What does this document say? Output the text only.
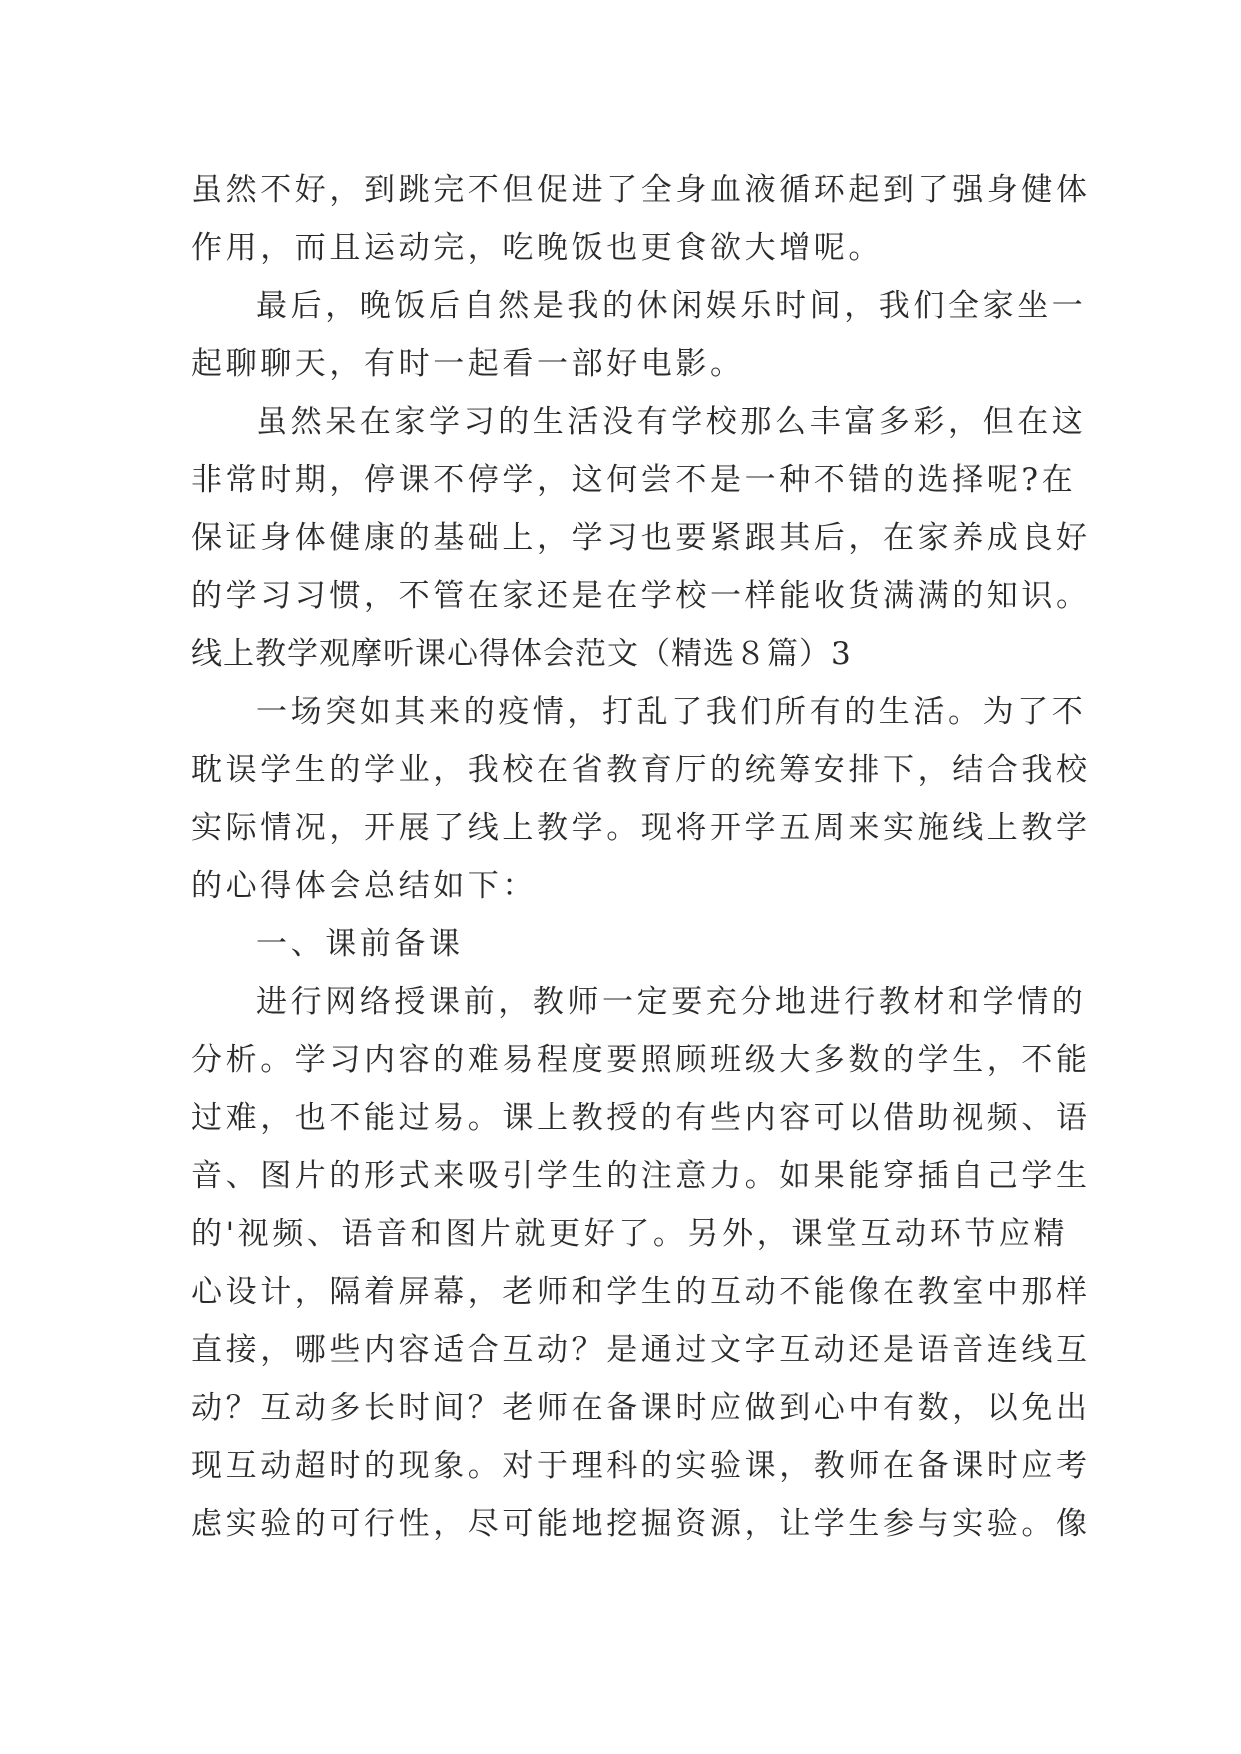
虽然不好，到跳完不但促进了全身血液循环起到了强身健体
作用，而且运动完，吃晚饭也更食欲大增呢。
最后，晚饭后自然是我的休闲娱乐时间，我们全家坐一
起聊聊天，有时一起看一部好电影。
虽然呆在家学习的生活没有学校那么丰富多彩，但在这
非常时期，停课不停学，这何尝不是一种不错的选择呢?在
保证身体健康的基础上，学习也要紧跟其后，在家养成良好
的学习习惯，不管在家还是在学校一样能收货满满的知识。
线上教学观摩听课心得体会范文（精选８篇）3
一场突如其来的疫情，打乱了我们所有的生活。为了不
耽误学生的学业，我校在省教育厅的统筹安排下，结合我校
实际情况，开展了线上教学。现将开学五周来实施线上教学
的心得体会总结如下：
一、课前备课
进行网络授课前，教师一定要充分地进行教材和学情的
分析。学习内容的难易程度要照顾班级大多数的学生，不能
过难，也不能过易。课上教授的有些内容可以借助视频、语
音、图片的形式来吸引学生的注意力。如果能穿插自己学生
的'视频、语音和图片就更好了。另外，课堂互动环节应精
心设计，隔着屏幕，老师和学生的互动不能像在教室中那样
直接，哪些内容适合互动？是通过文字互动还是语音连线互
动？互动多长时间？老师在备课时应做到心中有数，以免出
现互动超时的现象。对于理科的实验课，教师在备课时应考
虑实验的可行性，尽可能地挖掘资源，让学生参与实验。像
